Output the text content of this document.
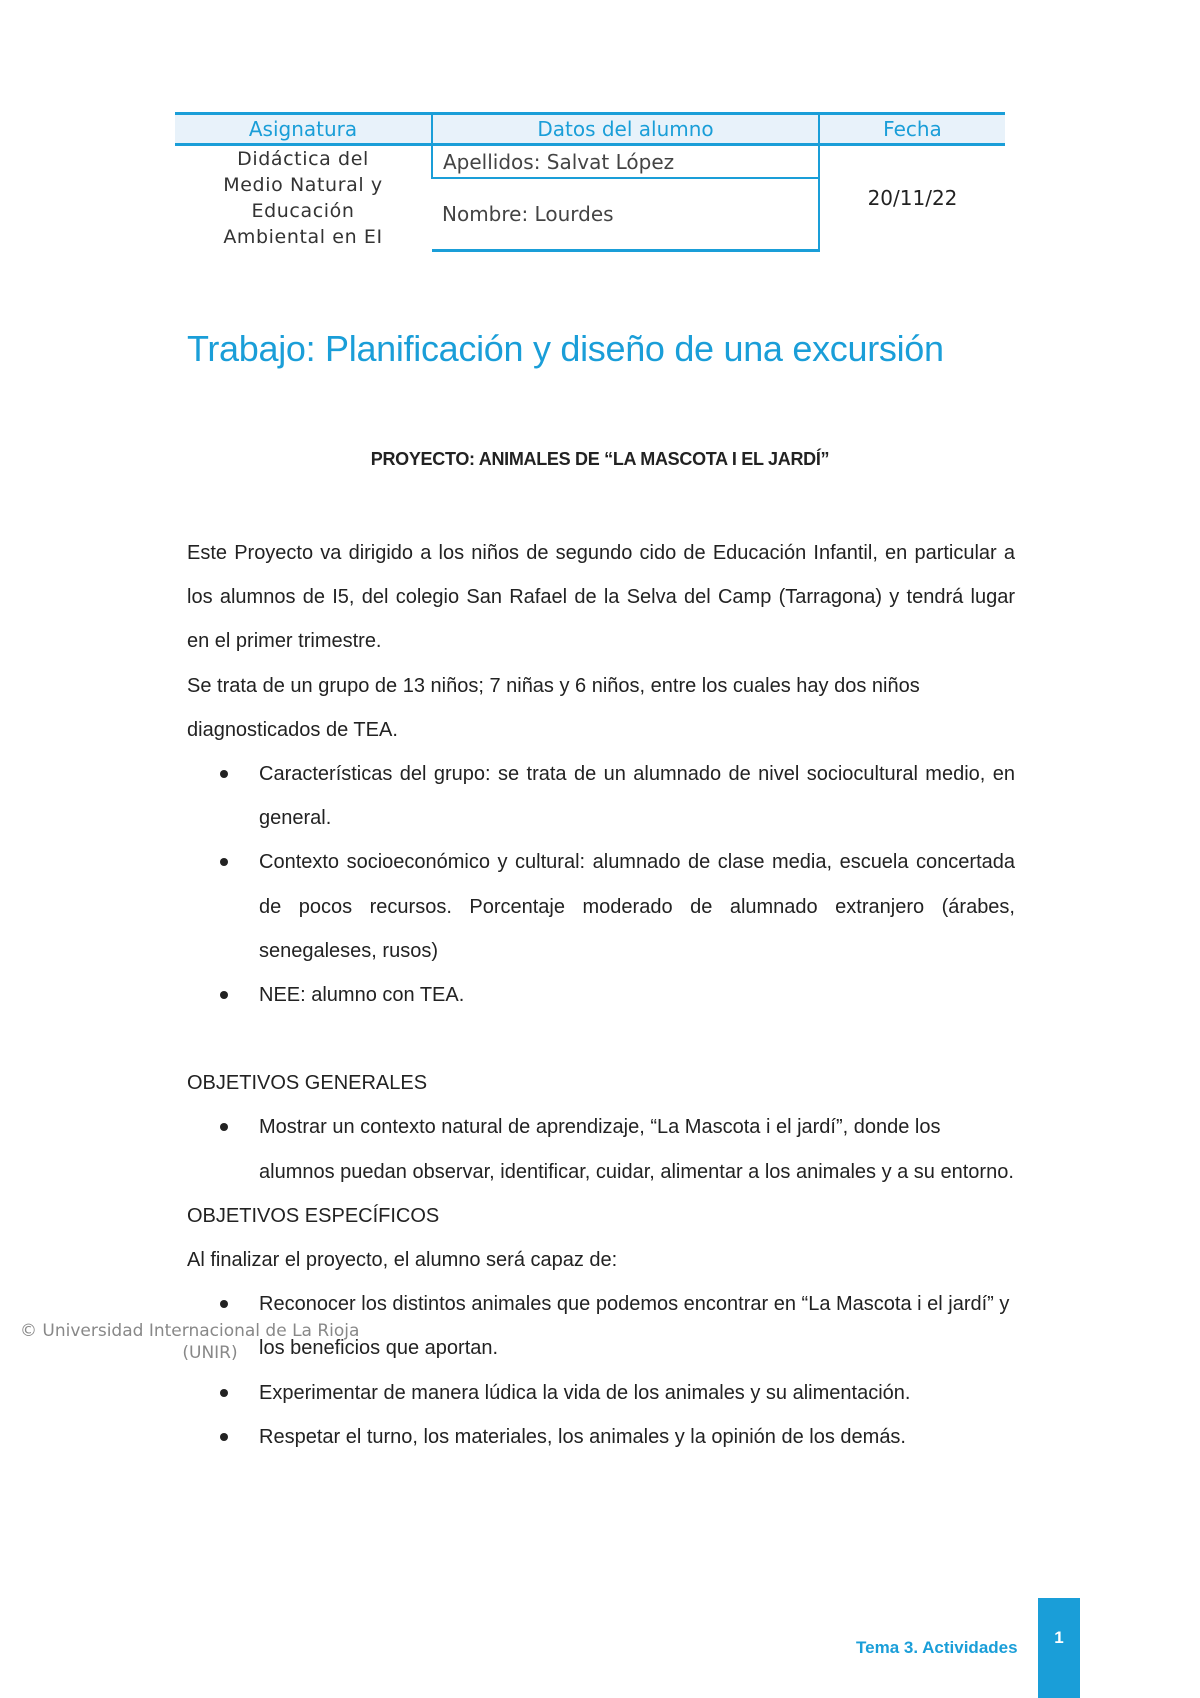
Asignatura	Datos del alumno	Fecha

Didáctica del
Medio Natural y
Educación
Ambiental en EI	Apellidos: Salvat López	20/11/22
	Nombre: Lourdes	
Trabajo: Planificación y diseño de una excursión
PROYECTO: ANIMALES DE “LA MASCOTA I EL JARDÍ”

Este Proyecto va dirigido a los niños de segundo cido de Educación Infantil, en particular a los alumnos de I5, del colegio San Rafael de la Selva del Camp (Tarragona) y tendrá lugar en el primer trimestre.

Se trata de un grupo de 13 niños; 7 niñas y 6 niños, entre los cuales hay dos niños diagnosticados de TEA.

Características del grupo: se trata de un alumnado de nivel sociocultural medio, en general.
Contexto socioeconómico y cultural: alumnado de clase media, escuela concertada de pocos recursos. Porcentaje moderado de alumnado extranjero (árabes, senegaleses, rusos)
NEE: alumno con TEA.

OBJETIVOS GENERALES

Mostrar un contexto natural de aprendizaje, “La Mascota i el jardí”, donde los alumnos puedan observar, identificar, cuidar, alimentar a los animales y a su entorno.

OBJETIVOS ESPECÍFICOS

Al finalizar el proyecto, el alumno será capaz de:

Reconocer los distintos animales que podemos encontrar en “La Mascota i el jardí” y los beneficios que aportan.
Experimentar de manera lúdica la vida de los animales y su alimentación.
Respetar el turno, los materiales, los animales y la opinión de los demás.
© Universidad Internacional de La Rioja
(UNIR)
Tema 3. Actividades
1
